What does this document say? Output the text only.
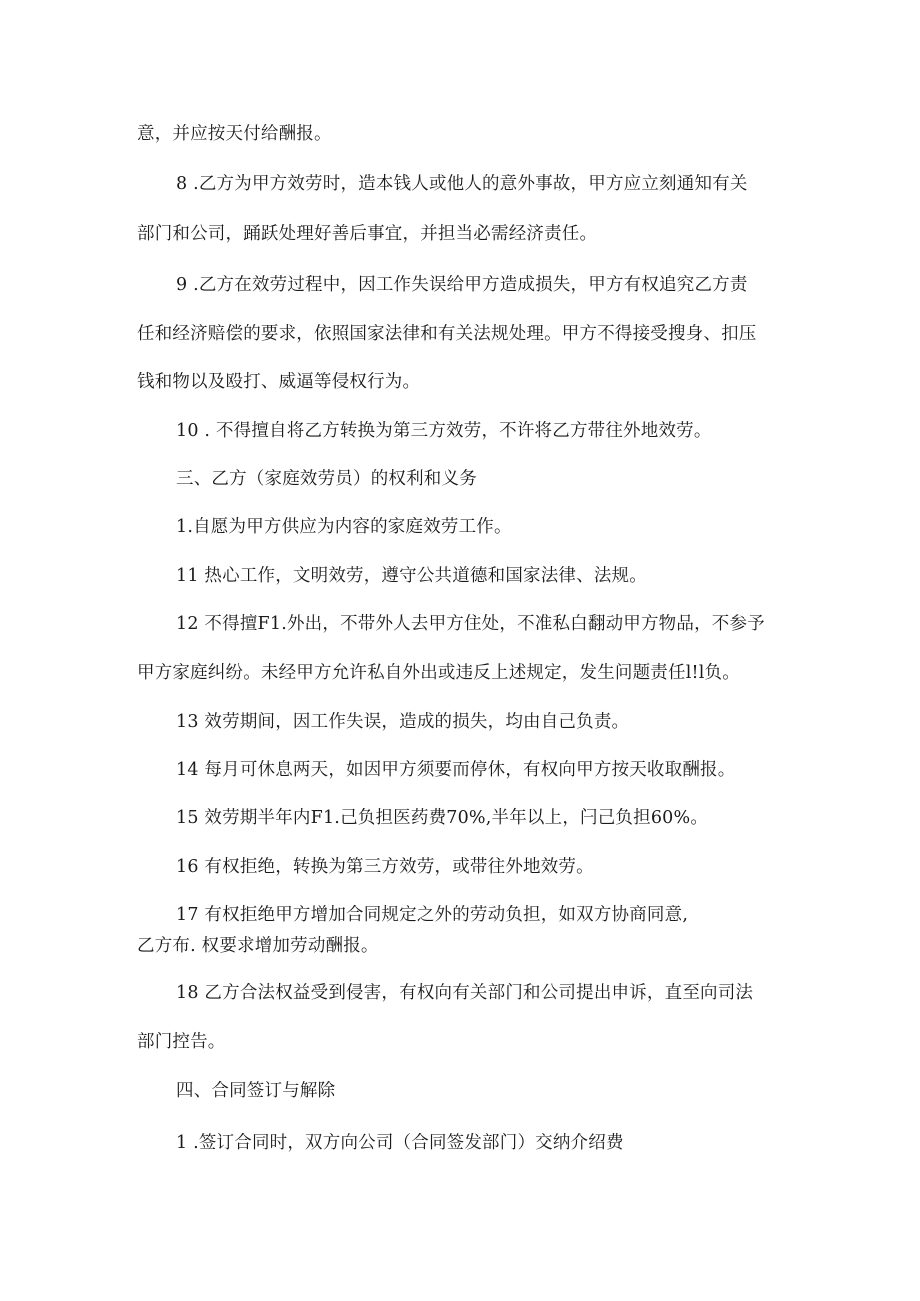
意，并应按天付给酬报。
8 .乙方为甲方效劳时，造本钱人或他人的意外事故，甲方应立刻通知有关
部门和公司，踊跃处理好善后事宜，并担当必需经济责任。
9 .乙方在效劳过程中，因工作失误给甲方造成损失，甲方有权追究乙方责
任和经济赔偿的要求，依照国家法律和有关法规处理。甲方不得接受搜身、扣压
钱和物以及殴打、威逼等侵权行为。
10 . 不得擅自将乙方转换为第三方效劳，不许将乙方带往外地效劳。
三、乙方（家庭效劳员）的权利和义务
1.自愿为甲方供应为内容的家庭效劳工作。
11 热心工作，文明效劳，遵守公共道德和国家法律、法规。
12 不得擅F1.外出，不带外人去甲方住处，不准私白翻动甲方物品，不参予
甲方家庭纠纷。未经甲方允许私自外出或违反上述规定，发生问题责任l!l负。
13 效劳期间，因工作失误，造成的损失，均由自己负责。
14 每月可休息两天，如因甲方须要而停休，有权向甲方按天收取酬报。
15 效劳期半年内F1.己负担医药费70%,半年以上，闩己负担60%。
16 有权拒绝，转换为第三方效劳，或带往外地效劳。
17 有权拒绝甲方增加合同规定之外的劳动负担，如双方协商同意,
乙方布. 权要求增加劳动酬报。
18 乙方合法权益受到侵害，有权向有关部门和公司提出申诉，直至向司法
部门控告。
四、合同签订与解除
1 .签订合同时，双方向公司（合同签发部门）交纳介绍费
